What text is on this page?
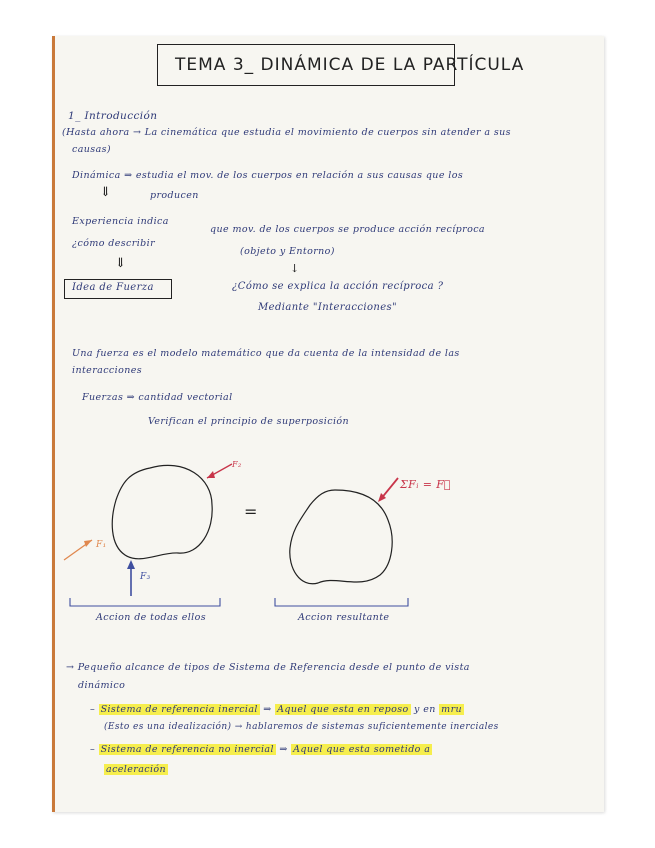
TEMA 3_ DINÁMICA DE LA PARTÍCULA
1_ Introducción
(Hasta ahora → La cinemática que estudia el movimiento de cuerpos sin atender a sus
causas)
Dinámica ⇒ estudia el mov. de los cuerpos en relación a sus causas que los
⇓	producen
Experiencia indica
que mov. de los cuerpos se produce acción recíproca
¿cómo describir
(objeto y Entorno)
⇓	↓
Idea de Fuerza	¿Cómo se explica la acción recíproca ?
Mediante "Interacciones"
Una fuerza es el modelo matemático que da cuenta de la intensidad de las
interacciones
Fuerzas ⇒ cantidad vectorial
Verifican el principio de superposición
F₂
F₁
F₃
=
ΣFᵢ = F⃗
Accion de todas ellos	Accion resultante
→ Pequeño alcance de tipos de Sistema de Referencia desde el punto de vista
dinámico
– Sistema de referencia inercial ⇒ Aquel que esta en reposo y en mru
(Esto es una idealización) → hablaremos de sistemas suficientemente inerciales
– Sistema de referencia no inercial ⇒ Aquel que esta sometido a
aceleración
